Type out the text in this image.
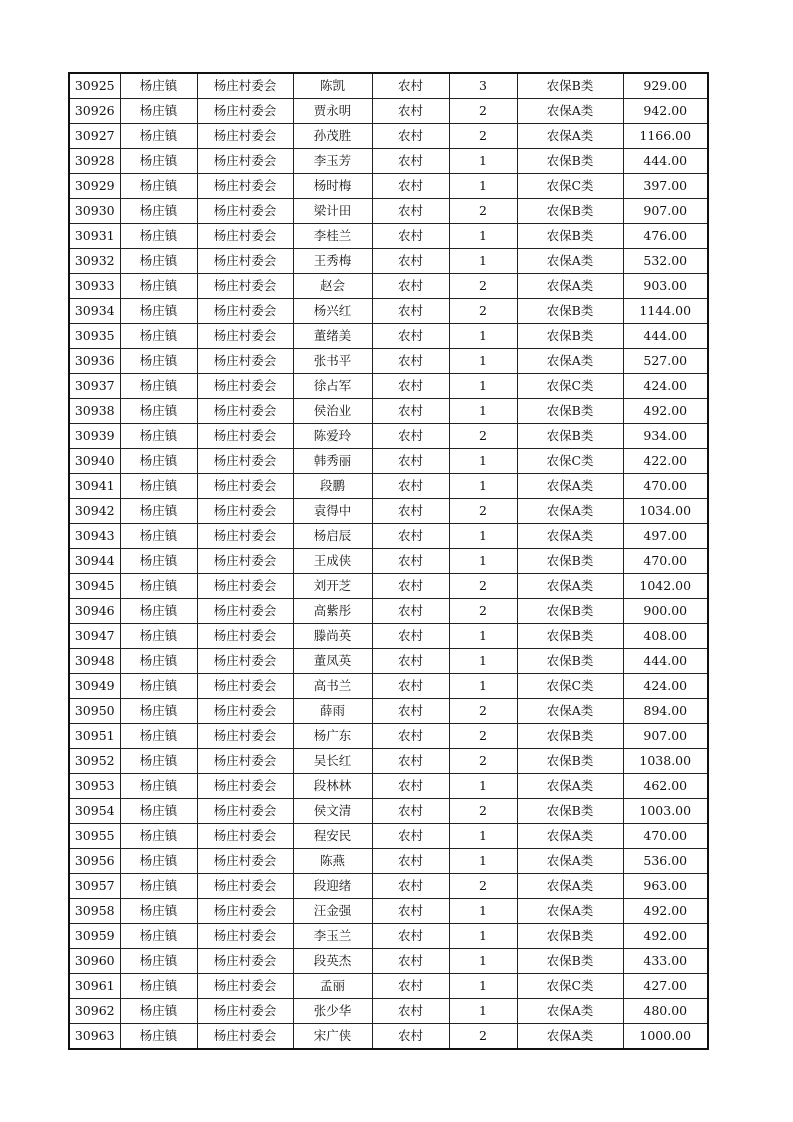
30925	杨庄镇	杨庄村委会	陈凯	农村	3	农保B类	929.00
30926	杨庄镇	杨庄村委会	贾永明	农村	2	农保A类	942.00
30927	杨庄镇	杨庄村委会	孙茂胜	农村	2	农保A类	1166.00
30928	杨庄镇	杨庄村委会	李玉芳	农村	1	农保B类	444.00
30929	杨庄镇	杨庄村委会	杨时梅	农村	1	农保C类	397.00
30930	杨庄镇	杨庄村委会	梁计田	农村	2	农保B类	907.00
30931	杨庄镇	杨庄村委会	李桂兰	农村	1	农保B类	476.00
30932	杨庄镇	杨庄村委会	王秀梅	农村	1	农保A类	532.00
30933	杨庄镇	杨庄村委会	赵会	农村	2	农保A类	903.00
30934	杨庄镇	杨庄村委会	杨兴红	农村	2	农保B类	1144.00
30935	杨庄镇	杨庄村委会	董绪美	农村	1	农保B类	444.00
30936	杨庄镇	杨庄村委会	张书平	农村	1	农保A类	527.00
30937	杨庄镇	杨庄村委会	徐占军	农村	1	农保C类	424.00
30938	杨庄镇	杨庄村委会	侯治业	农村	1	农保B类	492.00
30939	杨庄镇	杨庄村委会	陈爱玲	农村	2	农保B类	934.00
30940	杨庄镇	杨庄村委会	韩秀丽	农村	1	农保C类	422.00
30941	杨庄镇	杨庄村委会	段鹏	农村	1	农保A类	470.00
30942	杨庄镇	杨庄村委会	袁得中	农村	2	农保A类	1034.00
30943	杨庄镇	杨庄村委会	杨启辰	农村	1	农保A类	497.00
30944	杨庄镇	杨庄村委会	王成侠	农村	1	农保B类	470.00
30945	杨庄镇	杨庄村委会	刘开芝	农村	2	农保A类	1042.00
30946	杨庄镇	杨庄村委会	高紫彤	农村	2	农保B类	900.00
30947	杨庄镇	杨庄村委会	滕尚英	农村	1	农保B类	408.00
30948	杨庄镇	杨庄村委会	董凤英	农村	1	农保B类	444.00
30949	杨庄镇	杨庄村委会	高书兰	农村	1	农保C类	424.00
30950	杨庄镇	杨庄村委会	薛雨	农村	2	农保A类	894.00
30951	杨庄镇	杨庄村委会	杨广东	农村	2	农保B类	907.00
30952	杨庄镇	杨庄村委会	吴长红	农村	2	农保B类	1038.00
30953	杨庄镇	杨庄村委会	段林林	农村	1	农保A类	462.00
30954	杨庄镇	杨庄村委会	侯文清	农村	2	农保B类	1003.00
30955	杨庄镇	杨庄村委会	程安民	农村	1	农保A类	470.00
30956	杨庄镇	杨庄村委会	陈燕	农村	1	农保A类	536.00
30957	杨庄镇	杨庄村委会	段迎绪	农村	2	农保A类	963.00
30958	杨庄镇	杨庄村委会	汪金强	农村	1	农保A类	492.00
30959	杨庄镇	杨庄村委会	李玉兰	农村	1	农保B类	492.00
30960	杨庄镇	杨庄村委会	段英杰	农村	1	农保B类	433.00
30961	杨庄镇	杨庄村委会	孟丽	农村	1	农保C类	427.00
30962	杨庄镇	杨庄村委会	张少华	农村	1	农保A类	480.00
30963	杨庄镇	杨庄村委会	宋广侠	农村	2	农保A类	1000.00
